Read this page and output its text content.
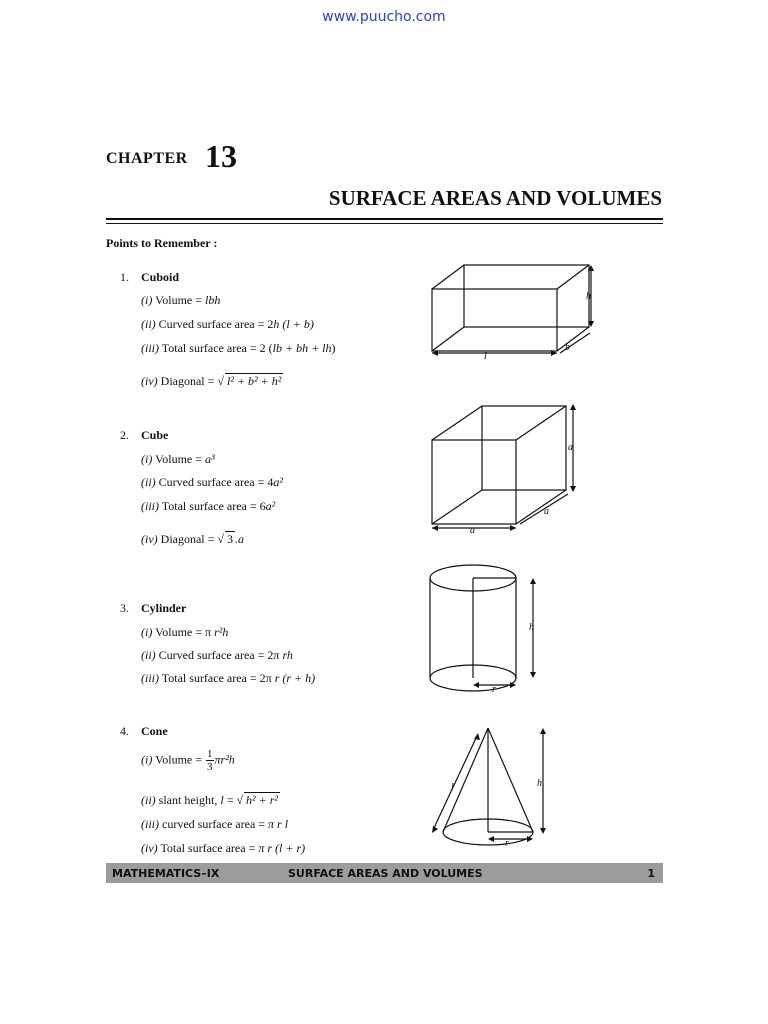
www.puucho.com
CHAPTER 13
SURFACE AREAS AND VOLUMES
Points to Remember :
1. Cuboid
(i) Volume = lbh
(ii) Curved surface area = 2h (l + b)
(iii) Total surface area = 2 (lb + bh + lh)
(iv) Diagonal = √ l² + b² + h²
2. Cube
(i) Volume = a³
(ii) Curved surface area = 4a²
(iii) Total surface area = 6a²
(iv) Diagonal = √ 3 .a
3. Cylinder
(i) Volume = π r²h
(ii) Curved surface area = 2π rh
(iii) Total surface area = 2π r (r + h)
4. Cone
(i) Volume = $\frac{1}{3} \pi r^2h$
(ii) slant height, l = √ h² + r²
(iii) curved surface area = π r l
(iv) Total surface area = π r (l + r)
h
l
b
a
a
a
h
r
l	h
r
MATHEMATICS–IX	SURFACE AREAS AND VOLUMES	1
